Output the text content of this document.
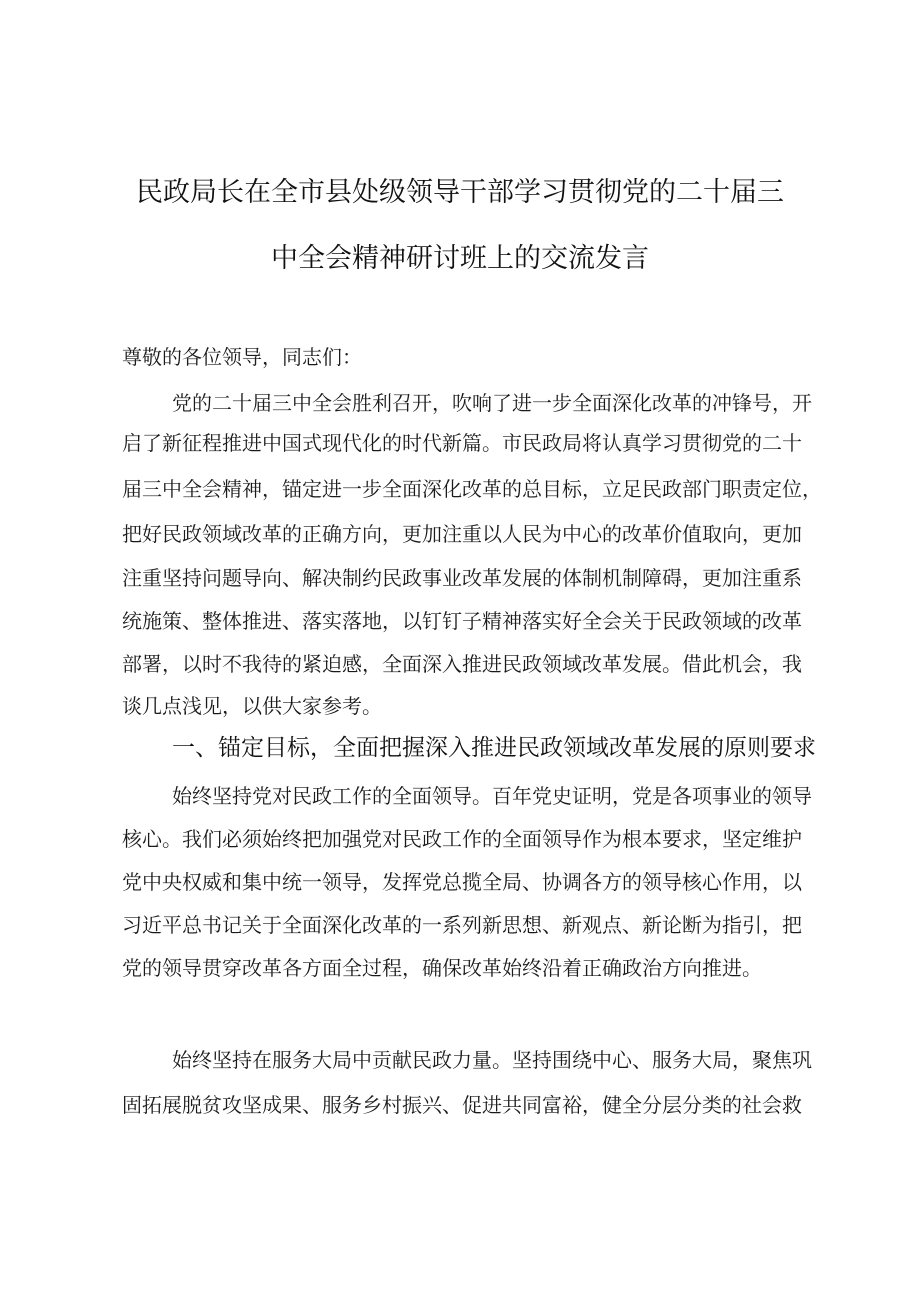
民政局长在全市县处级领导干部学习贯彻党的二十届三
中全会精神研讨班上的交流发言
尊敬的各位领导，同志们：
党的二十届三中全会胜利召开，吹响了进一步全面深化改革的冲锋号，开
启了新征程推进中国式现代化的时代新篇。市民政局将认真学习贯彻党的二十
届三中全会精神，锚定进一步全面深化改革的总目标，立足民政部门职责定位，
把好民政领域改革的正确方向，更加注重以人民为中心的改革价值取向，更加
注重坚持问题导向、解决制约民政事业改革发展的体制机制障碍，更加注重系
统施策、整体推进、落实落地，以钉钉子精神落实好全会关于民政领域的改革
部署，以时不我待的紧迫感，全面深入推进民政领域改革发展。借此机会，我
谈几点浅见，以供大家参考。
一、锚定目标，全面把握深入推进民政领域改革发展的原则要求
始终坚持党对民政工作的全面领导。百年党史证明，党是各项事业的领导
核心。我们必须始终把加强党对民政工作的全面领导作为根本要求，坚定维护
党中央权威和集中统一领导，发挥党总揽全局、协调各方的领导核心作用，以
习近平总书记关于全面深化改革的一系列新思想、新观点、新论断为指引，把
党的领导贯穿改革各方面全过程，确保改革始终沿着正确政治方向推进。
始终坚持在服务大局中贡献民政力量。坚持围绕中心、服务大局，聚焦巩
固拓展脱贫攻坚成果、服务乡村振兴、促进共同富裕，健全分层分类的社会救
